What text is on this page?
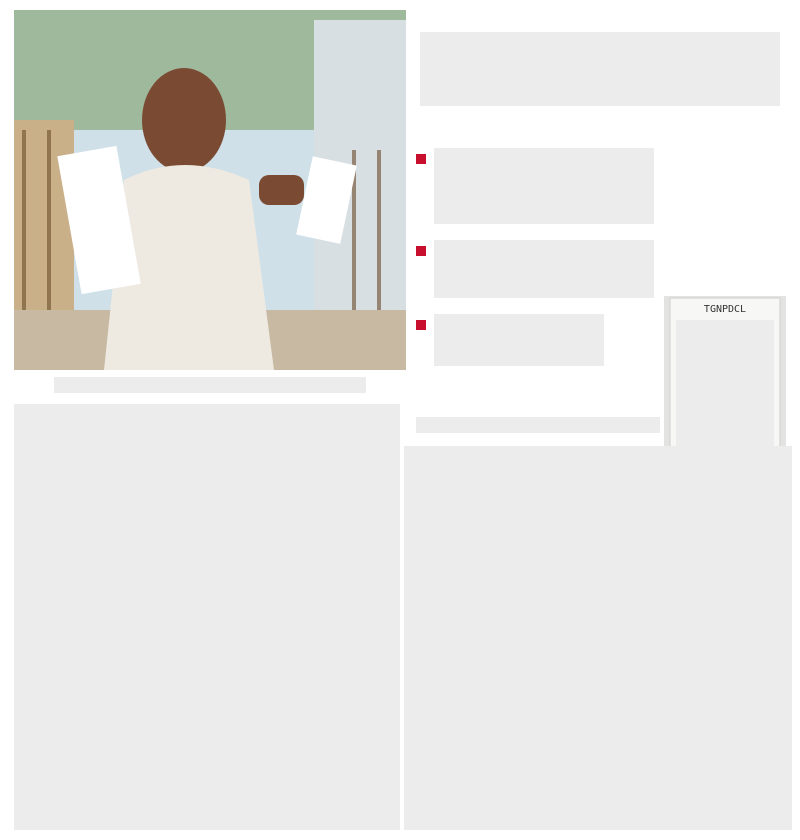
TGNPDCL
